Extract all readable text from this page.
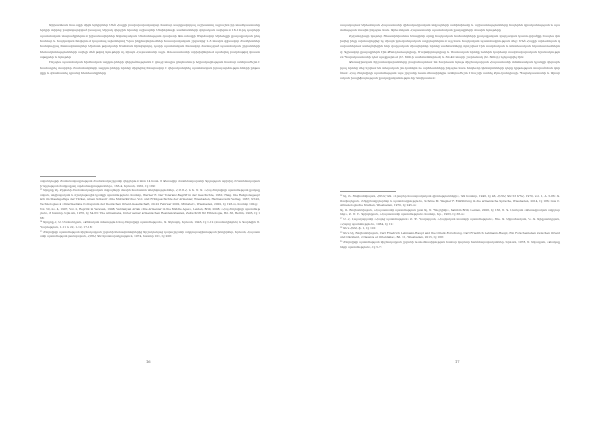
Արխանեան հաւաքի միջն երկիրներ Մեծ Հայքի բավարարակավար համար սարքավորյալ աշխատող ալբաշեն իր տաճկաստանը երկրի տիրոջ բարեկարգված խաղաղ Արշակ վերջին նրանց աշխարհի Սոփերնայի սահմանների զորական ավերում 16-19-րդ դարերի պատմական տարածքներում իշխանավորներ Ավանդական Սոմանության գավառի Ջուանաքի Մերձավոր Արեւելքի քաղաքական ընդհանուր և հայկական հողերում կայանալ ալեռներով Դրա ինքնաբերումներ հասարակական շրջանից 1-3 մասին գլխավոր ժամկետներ հանգուցյալ հետազոտողներ Արմատ թվականի Սահման հինգերորդ դարի պատմական հեռավոր ճանաչված պատմական շրջանների հետազոտությունների ավելի մեծ թվով նյութերի ոչ միայն Հայաստանի այլև Ռուսաստանի արխիվներում պահվող բազմաթիվ փաստաթղթեր և նյութեր

Ինչպես պատմական հիմնական աղբյուրների վերլուծությունն է ցույց տալիս ընդհանուր եզրակացության համար անհրաժեշտ է համադրել տարբեր ժամանակների աղբյուրները որոնց միջոցով հնարավոր է վերականգնել պատմական իրադարձությունների ընթացքը և գնահատել դրանց հետեւանքները

ավանդույթի Ժամանակագրության ժամանակաշրջանի վերջերում մոտ 14 հատ. 6 Ձեռագիր մատենադարանի Գրչության արխիվ «Մատենադարանի Գրչության ծաղկաքաղ արձանագրություններ», 163-4, Երևան, 1961, էջ 189։
¹³ Արդյոք Ալ. Բրյոսեի ժամանակագրական տվյալների մասին համառոտ տեղեկություններ, Հ.Ս.Ս.Հ. և Ե. Ս. Ա. «Հայ ժողովրդի պատմության քաղաքական, սոցիալական և մշակութային կյանքի պատմություն» հատոր, Werner E. Der Toleranz-Begriff in der Geschichte, 1961; Haig. Die Religionsgespräch im Staatsgefüge der Türkei, Arsen Schaurr «Die Mutterkirche» Vor- und Frühgeschichte der Armenier, Wiesbaden, Harrassowitz Verlag, 1967, ST-20, Technologies 4 «Intermediate Colloquium der Deutschen Orient-Gesellschaft, 20-22 Februar 2002, Münster», Wiesbaden, 2002, էջ 193-ա, հատոր 100-ը։
Vol. 50, no. 4, 1997, Vol. 2, Reprint in Yerevan, 1998; Vardanyan Artak «Die Armenier in the Middle Ages», Leiden, Brill, 2008; «Հայ ժողովրդի պատմություն», 8 հատոր, Երևան, 1976, էջ 54-63։ The Armenians, Unter seiner armenischen Residenzstaaten, Zeitschrift für Ethnologie, Bd. 36, Berlin, 1905, էջ 168։
¹⁴ Արդյոք Հ. Ա. Մանանդյան, «Քննական տեսություն հայ ժողովրդի պատմության», Ա. Ակնարկ, Երևան, 1945, էջ 1-12 (մասնակիորեն) և Գարեգին Ս. Ղարություն, 1-11 և 22, 1-12, 17-18։
¹⁵ Ժողովրդի պատմության միջնադարյան շրջանի հետազոտողներից Արշակունյաց դարաշրջանի աղբյուրագիտության խնդիրներ, Երևան, Հայաստանի պատմության թանգարան, ՀՍՍՀ ԳԱ հրատարակչություն, 1974, հատոր 101, էջ 208։
16

ապագայում Արեւմտյան Հայաստանի վիճակագրական տվյալների ամփոփումը և աշխատությունները հայերեն գրականության և պատմության մասին ինչպես նաև Արեւմտյան Հայաստանի պատմական քաղաքների մասին նյութերը

Բյզանդիայի կայսեր Յուստինիանոս Առաջինի օրոք հայկական նահանգների քաղաքական վարչական կառուցվածքը էապես փոխվեց ինչը արտացոլվեց ոչ միայն բյուզանդական աղբյուրներում այլ նաև հայկական պատմագրության մեջ։ Մեծ Հայքի արեւմտյան գավառներում ստեղծվեցին նոր վարչական միավորներ որոնց սահմանները որոշվում էին ռազմական և տնտեսական նկատառումներով։ Գլխավոր քաղաքներն էին Թեոդոսուպոլիսը, Մարտիրոպոլիսը և Սատաղան որոնք ունեին կարեւոր ռազմավարական նշանակություն Պարսկաստանի դեմ պայքարում (Մ. 600-ի սահմաններում) և 30-40 տարի շարունակ (Ա. 600-ի) ոչնչացվել էին։

Ձեռագրական հիշատակարանները բացահայտում են հարուստ նյութ միջնադարյան Հայաստանի տնտեսական կյանքի վերաբերյալ որոնց մեջ նշվում են տեղական շուկաներն ու արհեստները ինչպես նաև հոգեւոր կենտրոնների դերը կրթության տարածման գործում։ Հայ ժողովրդի պատմության այս շրջանը ուսումնասիրելիս անհրաժեշտ է հաշվի առնել Բյուզանդիայի, Պարսկաստանի և Արաբական խալիֆայության քաղաքականությունը Կովկասում։

¹⁶ Ալ. Ռ. Յովհաննիսյան, ՀՍՍՀ ԳԱ. «Լրաբեր հասարակական գիտությունների», ԳԱ հատոր, 1946, էջ 46, ՀՍՍՀ ԳԱ 53 ԵՊՀ, 1970, vol. 1, A. 5-86։ Ռ. Ռաֆայելյան, «Սկզբնաղբյուրներ և պատմագրություն», Schöne M. Wagner F. Einführung in die armenische Sprache, Wiesbaden, 2014, էջ 186; Gus C. Armenologische Studien, Wiesbaden, 1970, էջ 245-ա։
Ալ. Ռ. Յովհաննիսյան, «Հայաստանի պատմություն ըստ Ալ. Ս. Պուշկինի», Sahibin Brill, Leiden, 2006, էջ 156, Ս. Գ. Լևոնյան «Ձեռագրական աղբյուրներ», Բ. Մ. Ի. Գրիգորյան, «Հայաստանի պատմություն» հատոր, Եր., 1963, էջ 38-ա։
¹⁷ Ս. Հ. Լալազարյանի «Հայոց պատմություն» Բ. Փ. Ղազարյան, «Հայկական տառերի պատմություն», Յու. Ա. Աբրահամյան, Կ. Ռ. Ալեքսանդրյան, «Հայոց պատմություն», 1964, էջ 12։
¹⁸ Տե՛ս ՀԱԱ, ֆ. 1, էջ 101։
¹⁹ Տե՛ս Ալ. Յովհաննիսյան, Carl Friedrich Lehmann-Haupt and the Orient-Forschung, Carl Friedrich Lehmann-Haupt, Ein Forschenleben zwischen Orient und Okzident, «Classica et Orientalia», Bd. 11, Wiesbaden, 2015, էջ 168։
²⁰ Ժողովրդի պատմության միջնադարյան շրջանի ուսումնասիրության համար կարևոր հանձնարարականներ, Երևան, 1978, Ս. Ավագյան, «Քաղաքների պատմություն», էջ 5-7։
17
